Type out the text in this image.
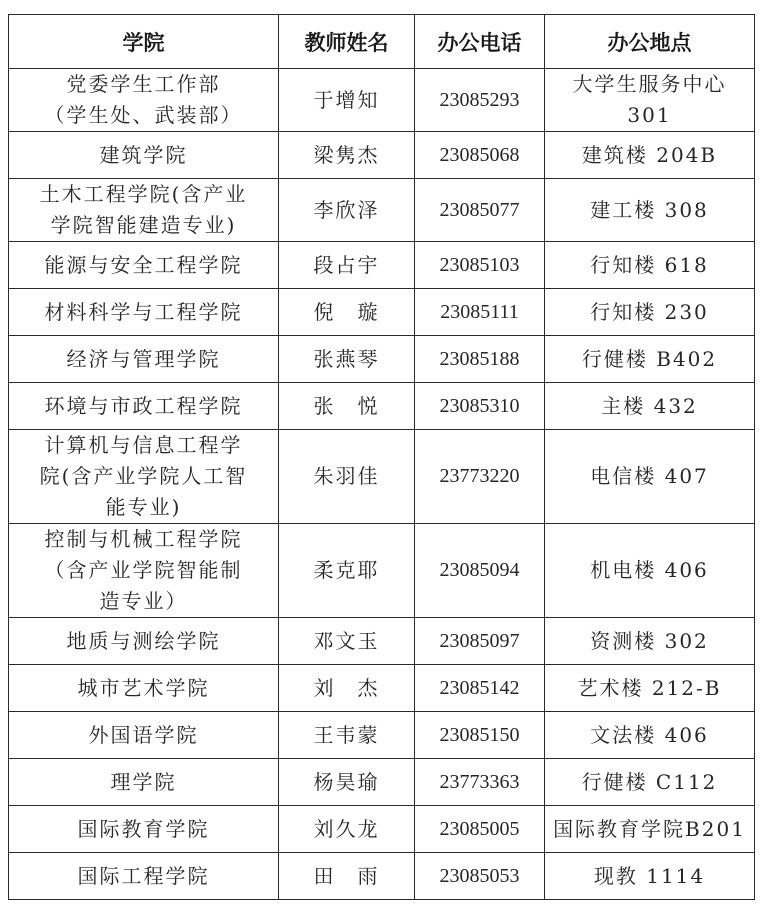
学院	教师姓名	办公电话	办公地点
党委学生工作部
（学生处、武装部）	于增知	23085293	大学生服务中心
301
建筑学院	梁隽杰	23085068	建筑楼 204B
土木工程学院(含产业
学院智能建造专业)	李欣泽	23085077	建工楼 308
能源与安全工程学院	段占宇	23085103	行知楼 618
材料科学与工程学院	倪　璇	23085111	行知楼 230
经济与管理学院	张燕琴	23085188	行健楼 B402
环境与市政工程学院	张　悦	23085310	主楼 432
计算机与信息工程学
院(含产业学院人工智
能专业)	朱羽佳	23773220	电信楼 407
控制与机械工程学院
（含产业学院智能制
造专业）	柔克耶	23085094	机电楼 406
地质与测绘学院	邓文玉	23085097	资测楼 302
城市艺术学院	刘　杰	23085142	艺术楼 212-B
外国语学院	王韦蒙	23085150	文法楼 406
理学院	杨昊瑜	23773363	行健楼 C112
国际教育学院	刘久龙	23085005	国际教育学院B201
国际工程学院	田　雨	23085053	现教 1114
